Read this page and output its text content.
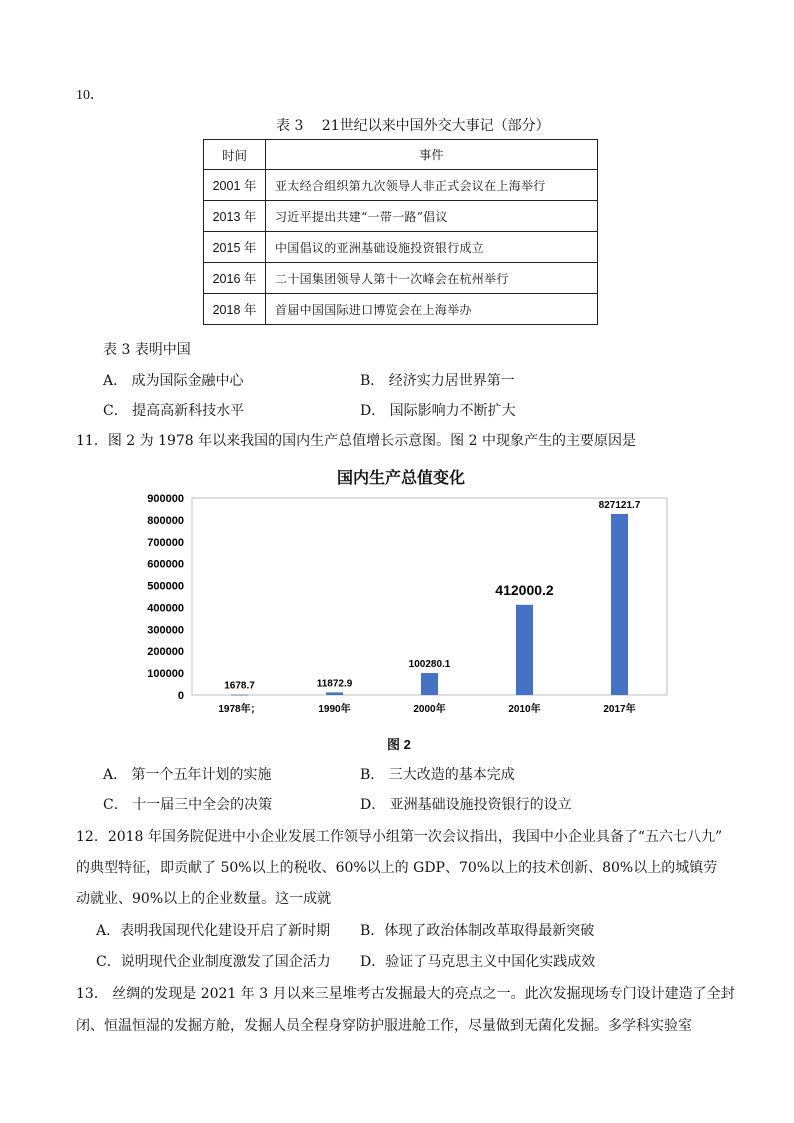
10．
表 3　 21世纪以来中国外交大事记（部分）
时间	事件
2001 年	亚太经合组织第九次领导人非正式会议在上海举行
2013 年	习近平提出共建“一带一路”倡议
2015 年	中国倡议的亚洲基础设施投资银行成立
2016 年	二十国集团领导人第十一次峰会在杭州举行
2018 年	首届中国国际进口博览会在上海举办
表 3 表明中国
A． 成为国际金融中心	B． 经济实力居世界第一
C． 提高高新科技水平	D． 国际影响力不断扩大
11．图 2 为 1978 年以来我国的国内生产总值增长示意图。图 2 中现象产生的主要原因是
国内生产总值变化
0
100000
200000
300000
400000
500000
600000
700000
800000
900000
1678.7	11872.9
100280.1
412000.2
827121.7
1978年；	1990年	2000年	2010年	2017年
图 2
A． 第一个五年计划的实施	B． 三大改造的基本完成
C． 十一届三中全会的决策	D． 亚洲基础设施投资银行的设立
12．2018 年国务院促进中小企业发展工作领导小组第一次会议指出，我国中小企业具备了“五六七八九”
的典型特征，即贡献了 50%以上的税收、60%以上的 GDP、70%以上的技术创新、80%以上的城镇劳
动就业、90%以上的企业数量。这一成就
A．表明我国现代化建设开启了新时期 B．体现了政治体制改革取得最新突破
C．说明现代企业制度激发了国企活力 D．验证了马克思主义中国化实践成效
13． 丝绸的发现是 2021 年 3 月以来三星堆考古发掘最大的亮点之一。此次发掘现场专门设计建造了全封
闭、恒温恒湿的发掘方舱，发掘人员全程身穿防护服进舱工作，尽量做到无菌化发掘。多学科实验室
